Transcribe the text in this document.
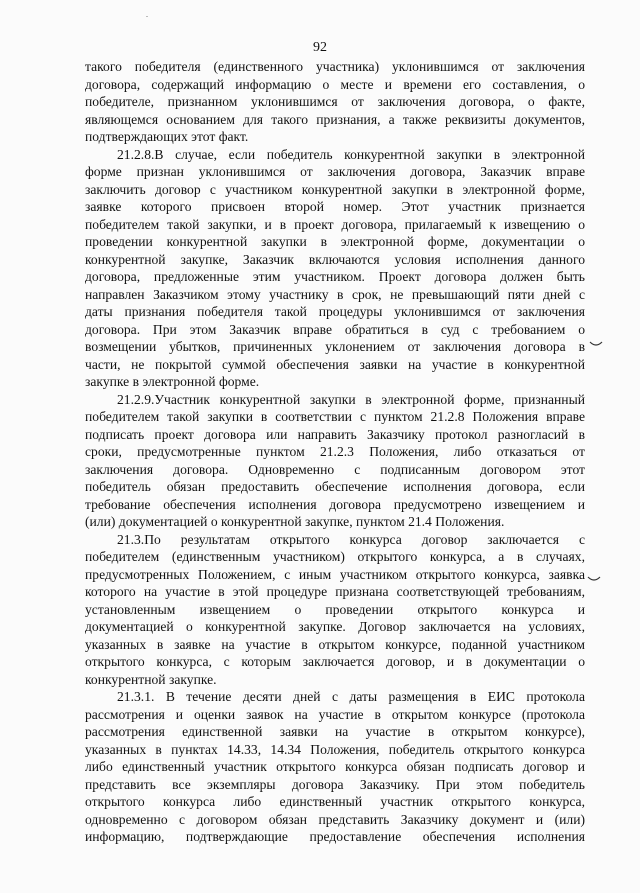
92
такого победителя (единственного участника) уклонившимся от заключения
договора, содержащий информацию о месте и времени его составления, о
победителе, признанном уклонившимся от заключения договора, о факте,
являющемся основанием для такого признания, а также реквизиты документов,
подтверждающих этот факт.
21.2.8.В случае, если победитель конкурентной закупки в электронной
форме признан уклонившимся от заключения договора, Заказчик вправе
заключить договор с участником конкурентной закупки в электронной форме,
заявке которого присвоен второй номер. Этот участник признается
победителем такой закупки, и в проект договора, прилагаемый к извещению о
проведении конкурентной закупки в электронной форме, документации о
конкурентной закупке, Заказчик включаются условия исполнения данного
договора, предложенные этим участником. Проект договора должен быть
направлен Заказчиком этому участнику в срок, не превышающий пяти дней с
даты признания победителя такой процедуры уклонившимся от заключения
договора. При этом Заказчик вправе обратиться в суд с требованием о
возмещении убытков, причиненных уклонением от заключения договора в
части, не покрытой суммой обеспечения заявки на участие в конкурентной
закупке в электронной форме.
21.2.9.Участник конкурентной закупки в электронной форме, признанный
победителем такой закупки в соответствии с пунктом 21.2.8 Положения вправе
подписать проект договора или направить Заказчику протокол разногласий в
сроки, предусмотренные пунктом 21.2.3 Положения, либо отказаться от
заключения договора. Одновременно с подписанным договором этот
победитель обязан предоставить обеспечение исполнения договора, если
требование обеспечения исполнения договора предусмотрено извещением и
(или) документацией о конкурентной закупке, пунктом 21.4 Положения.
21.3.По результатам открытого конкурса договор заключается с
победителем (единственным участником) открытого конкурса, а в случаях,
предусмотренных Положением, с иным участником открытого конкурса, заявка
которого на участие в этой процедуре признана соответствующей требованиям,
установленным извещением о проведении открытого конкурса и
документацией о конкурентной закупке. Договор заключается на условиях,
указанных в заявке на участие в открытом конкурсе, поданной участником
открытого конкурса, с которым заключается договор, и в документации о
конкурентной закупке.
21.3.1. В течение десяти дней с даты размещения в ЕИС протокола
рассмотрения и оценки заявок на участие в открытом конкурсе (протокола
рассмотрения единственной заявки на участие в открытом конкурсе),
указанных в пунктах 14.33, 14.34 Положения, победитель открытого конкурса
либо единственный участник открытого конкурса обязан подписать договор и
представить все экземпляры договора Заказчику. При этом победитель
открытого конкурса либо единственный участник открытого конкурса,
одновременно с договором обязан представить Заказчику документ и (или)
информацию, подтверждающие предоставление обеспечения исполнения
